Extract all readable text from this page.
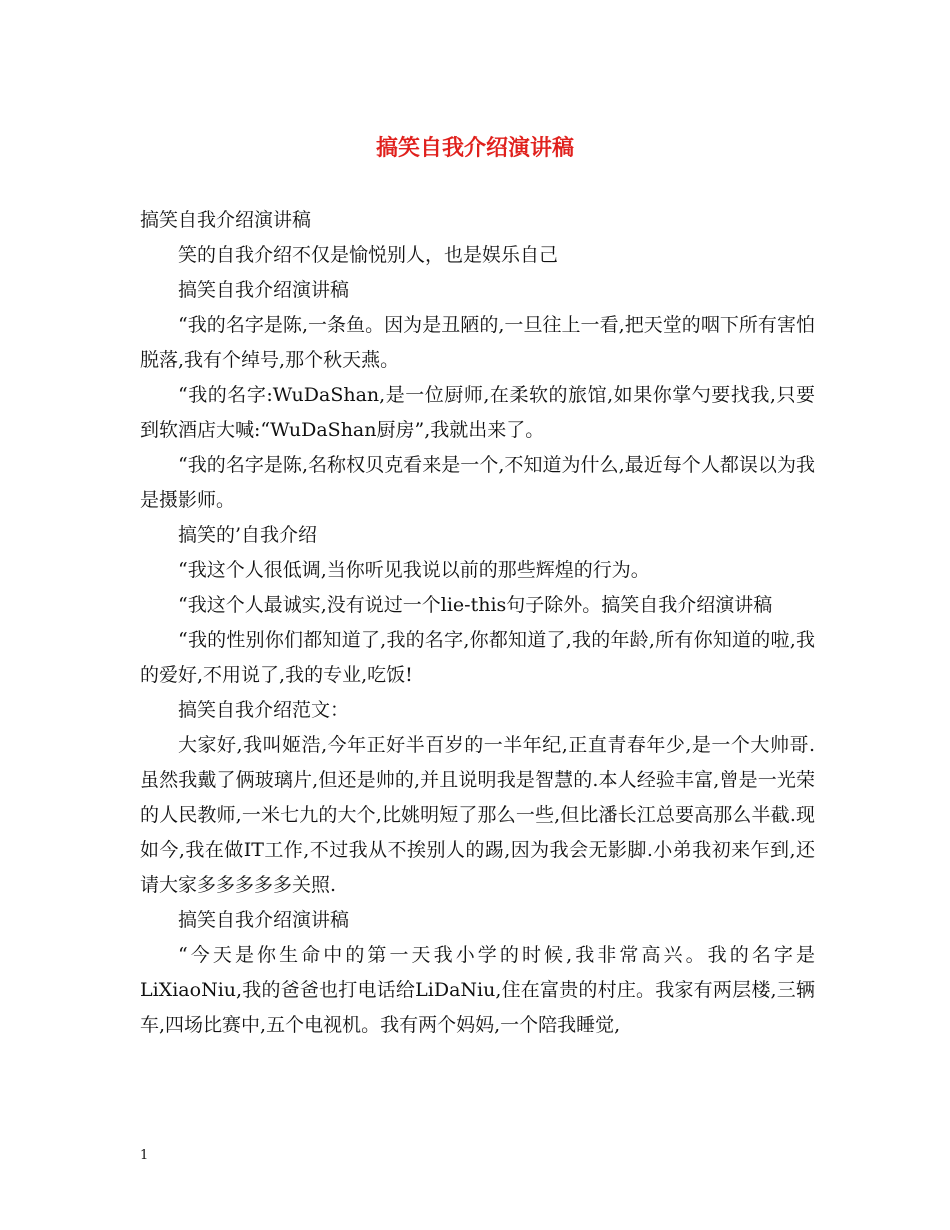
搞笑自我介绍演讲稿

搞笑自我介绍演讲稿

笑的自我介绍不仅是愉悦别人，也是娱乐自己

搞笑自我介绍演讲稿

“我的名字是陈,一条鱼。因为是丑陋的,一旦往上一看,把天堂的咽下所有害怕脱落,我有个绰号,那个秋天燕。

“我的名字:WuDaShan,是一位厨师,在柔软的旅馆,如果你掌勺要找我,只要到软酒店大喊:“WuDaShan厨房”,我就出来了。

“我的名字是陈,名称权贝克看来是一个,不知道为什么,最近每个人都误以为我是摄影师。

搞笑的’自我介绍

“我这个人很低调,当你听见我说以前的那些辉煌的行为。

“我这个人最诚实,没有说过一个lie-this句子除外。搞笑自我介绍演讲稿

“我的性别你们都知道了,我的名字,你都知道了,我的年龄,所有你知道的啦,我的爱好,不用说了,我的专业,吃饭!

搞笑自我介绍范文：

大家好,我叫姬浩,今年正好半百岁的一半年纪,正直青春年少,是一个大帅哥.虽然我戴了俩玻璃片,但还是帅的,并且说明我是智慧的.本人经验丰富,曾是一光荣的人民教师,一米七九的大个,比姚明短了那么一些,但比潘长江总要高那么半截.现如今,我在做IT工作,不过我从不挨别人的踢,因为我会无影脚.小弟我初来乍到,还请大家多多多多多关照.

搞笑自我介绍演讲稿

“今天是你生命中的第一天我小学的时候,我非常高兴。我的名字是LiXiaoNiu,我的爸爸也打电话给LiDaNiu,住在富贵的村庄。我家有两层楼,三辆车,四场比赛中,五个电视机。我有两个妈妈,一个陪我睡觉,

1
